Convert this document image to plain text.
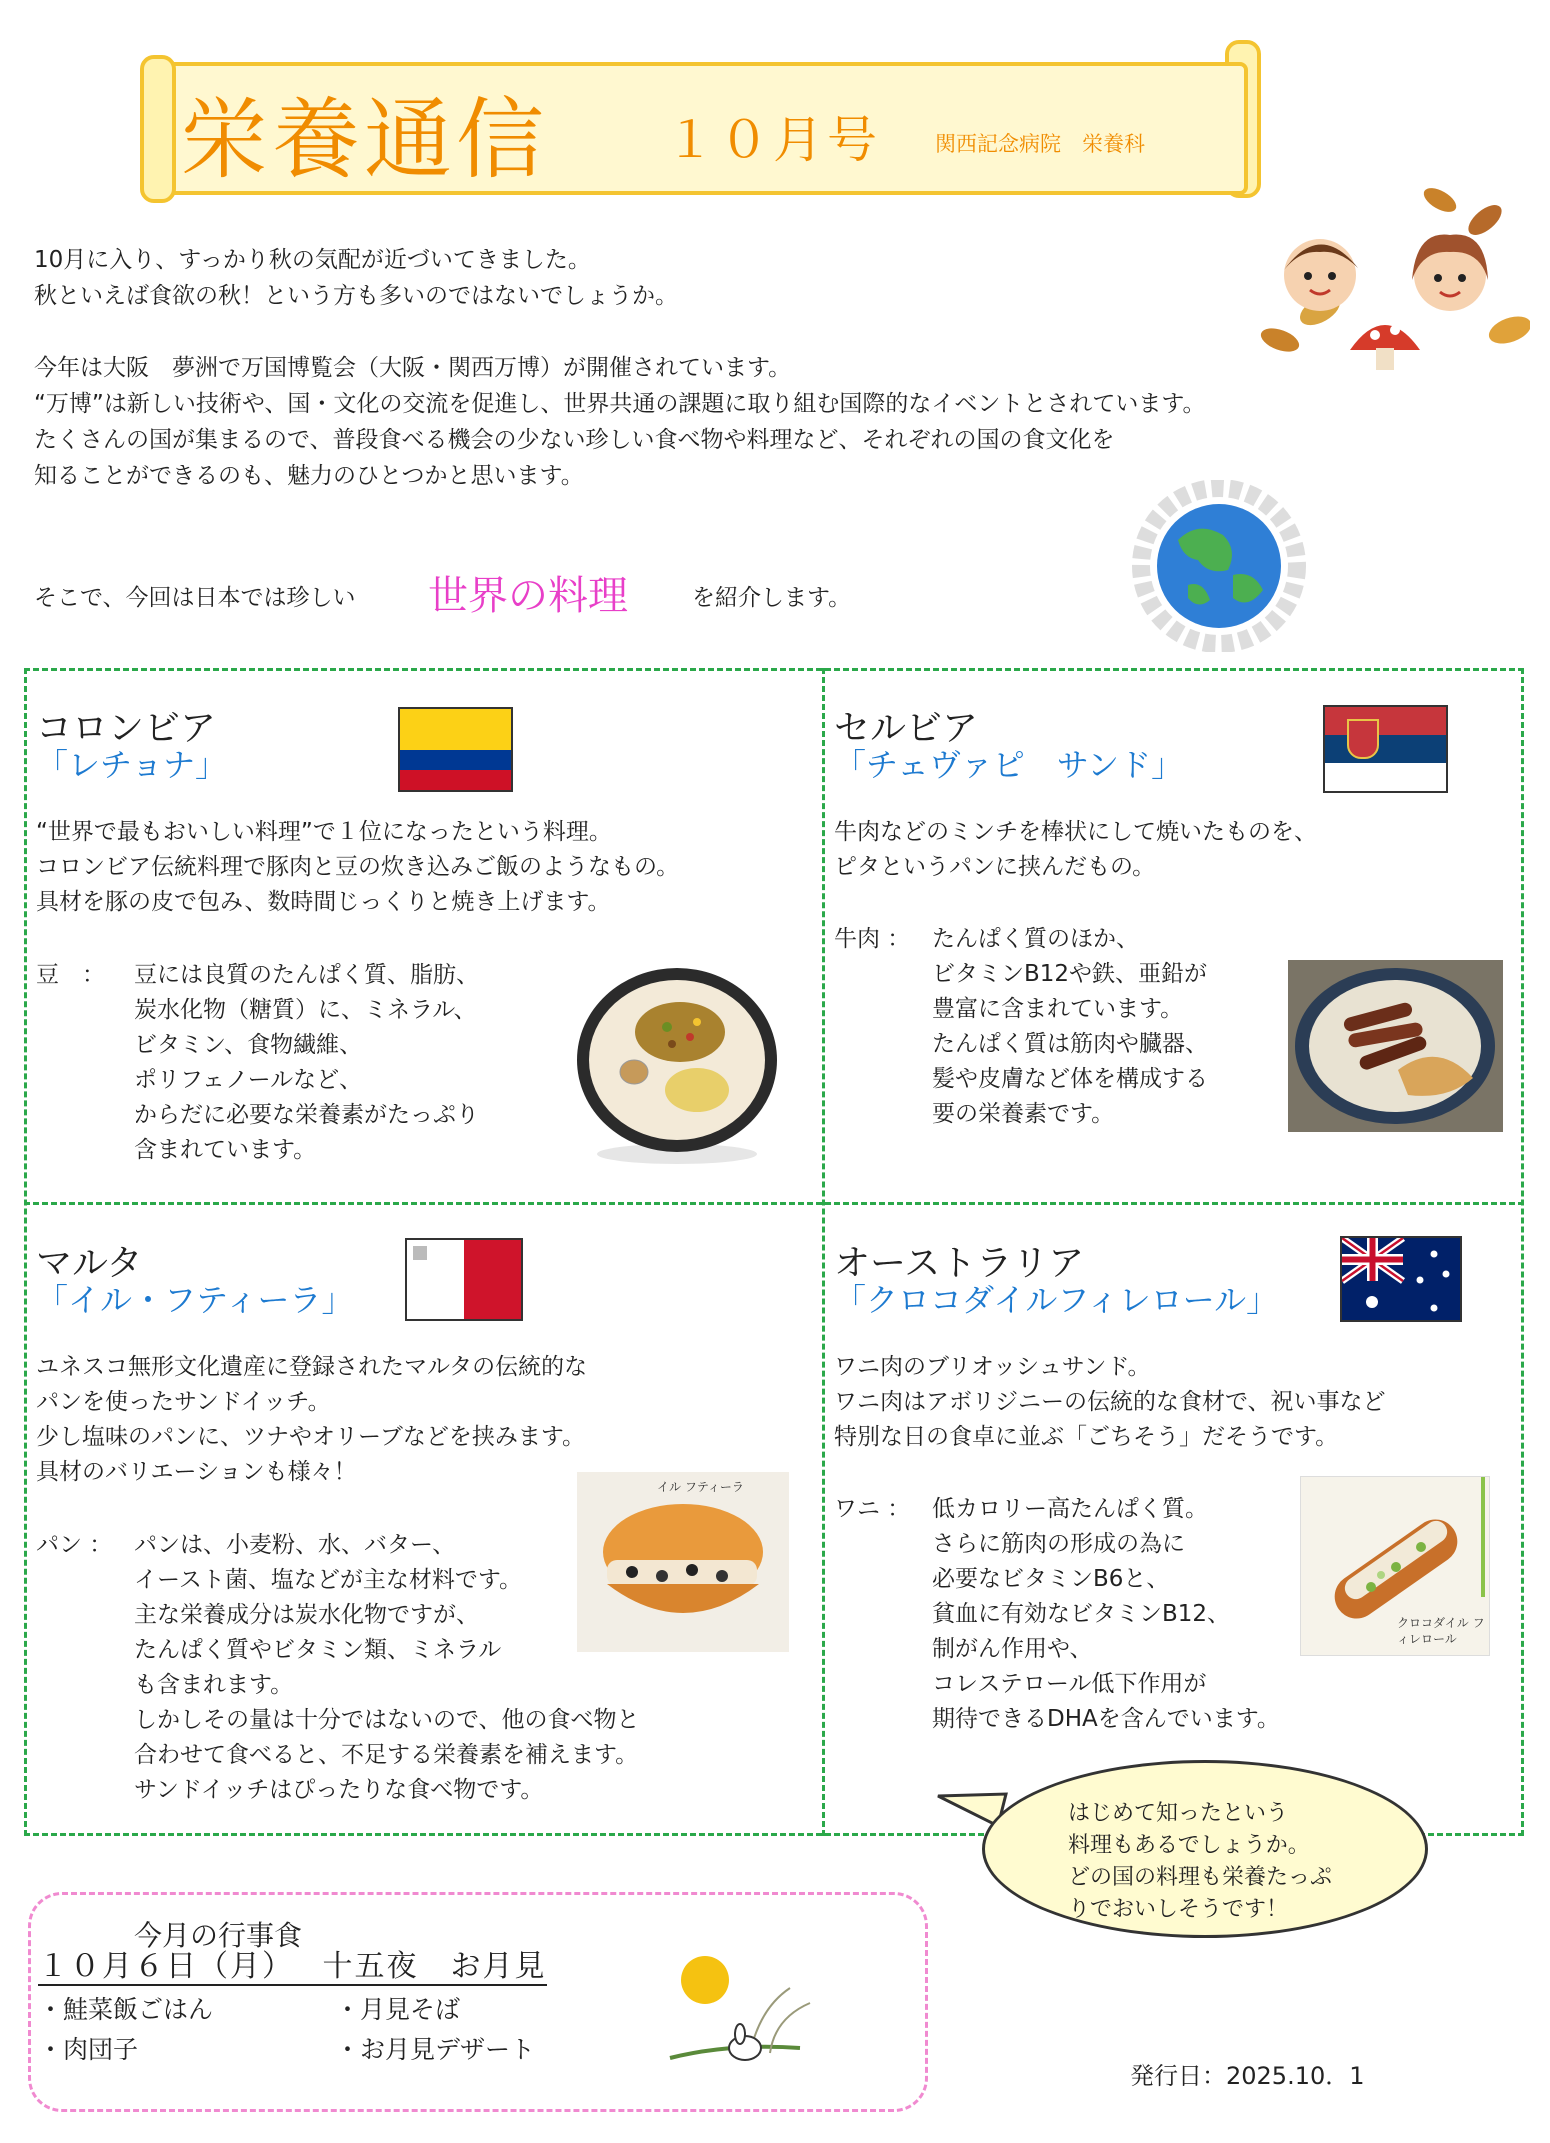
栄養通信 １０月号	関西記念病院　栄養科
10月に入り、すっかり秋の気配が近づいてきました。
秋といえば食欲の秋！という方も多いのではないでしょうか。
今年は大阪　夢洲で万国博覧会（大阪・関西万博）が開催されています。
“万博”は新しい技術や、国・文化の交流を促進し、世界共通の課題に取り組む国際的なイベントとされています。
たくさんの国が集まるので、普段食べる機会の少ない珍しい食べ物や料理など、それぞれの国の食文化を
知ることができるのも、魅力のひとつかと思います。
そこで、今回は日本では珍しい 世界の料理	を紹介します。
コロンビア
「レチョナ」
“世界で最もおいしい料理”で１位になったという料理。
コロンビア伝統料理で豚肉と豆の炊き込みご飯のようなもの。
具材を豚の皮で包み、数時間じっくりと焼き上げます。
豆　： 豆には良質のたんぱく質、脂肪、
炭水化物（糖質）に、ミネラル、
ビタミン、食物繊維、
ポリフェノールなど、
からだに必要な栄養素がたっぷり
含まれています。
セルビア
「チェヴァピ　サンド」
牛肉などのミンチを棒状にして焼いたものを、
ピタというパンに挟んだもの。
牛肉 ： たんぱく質のほか、
ビタミンB12や鉄、亜鉛が
豊富に含まれています。
たんぱく質は筋肉や臓器、
髪や皮膚など体を構成する
要の栄養素です。
マルタ
「イル・フティーラ」
ユネスコ無形文化遺産に登録されたマルタの伝統的な
パンを使ったサンドイッチ。
少し塩味のパンに、ツナやオリーブなどを挟みます。
具材のバリエーションも様々！
パン ： パンは、小麦粉、水、バター、
イースト菌、塩などが主な材料です。
主な栄養成分は炭水化物ですが、
たんぱく質やビタミン類、ミネラル
も含まれます。
しかしその量は十分ではないので、他の食べ物と
合わせて食べると、不足する栄養素を補えます。
サンドイッチはぴったりな食べ物です。
イル フティーラ
オーストラリア
「クロコダイルフィレロール」
ワニ肉のブリオッシュサンド。
ワニ肉はアボリジニーの伝統的な食材で、祝い事など
特別な日の食卓に並ぶ「ごちそう」だそうです。
ワニ ： 低カロリー高たんぱく質。
さらに筋肉の形成の為に
必要なビタミンB6と、
貧血に有効なビタミンB12、
制がん作用や、
コレステロール低下作用が
期待できるDHAを含んでいます。
クロコダイル フィレロール
はじめて知ったという
料理もあるでしょうか。
どの国の料理も栄養たっぷ
りでおいしそうです！
今月の行事食
１０月６日（月）　 十五夜　お月見
・鮭菜飯ごはん
・肉団子
・月見そば
・お月見デザート
発行日：2025.10．1
